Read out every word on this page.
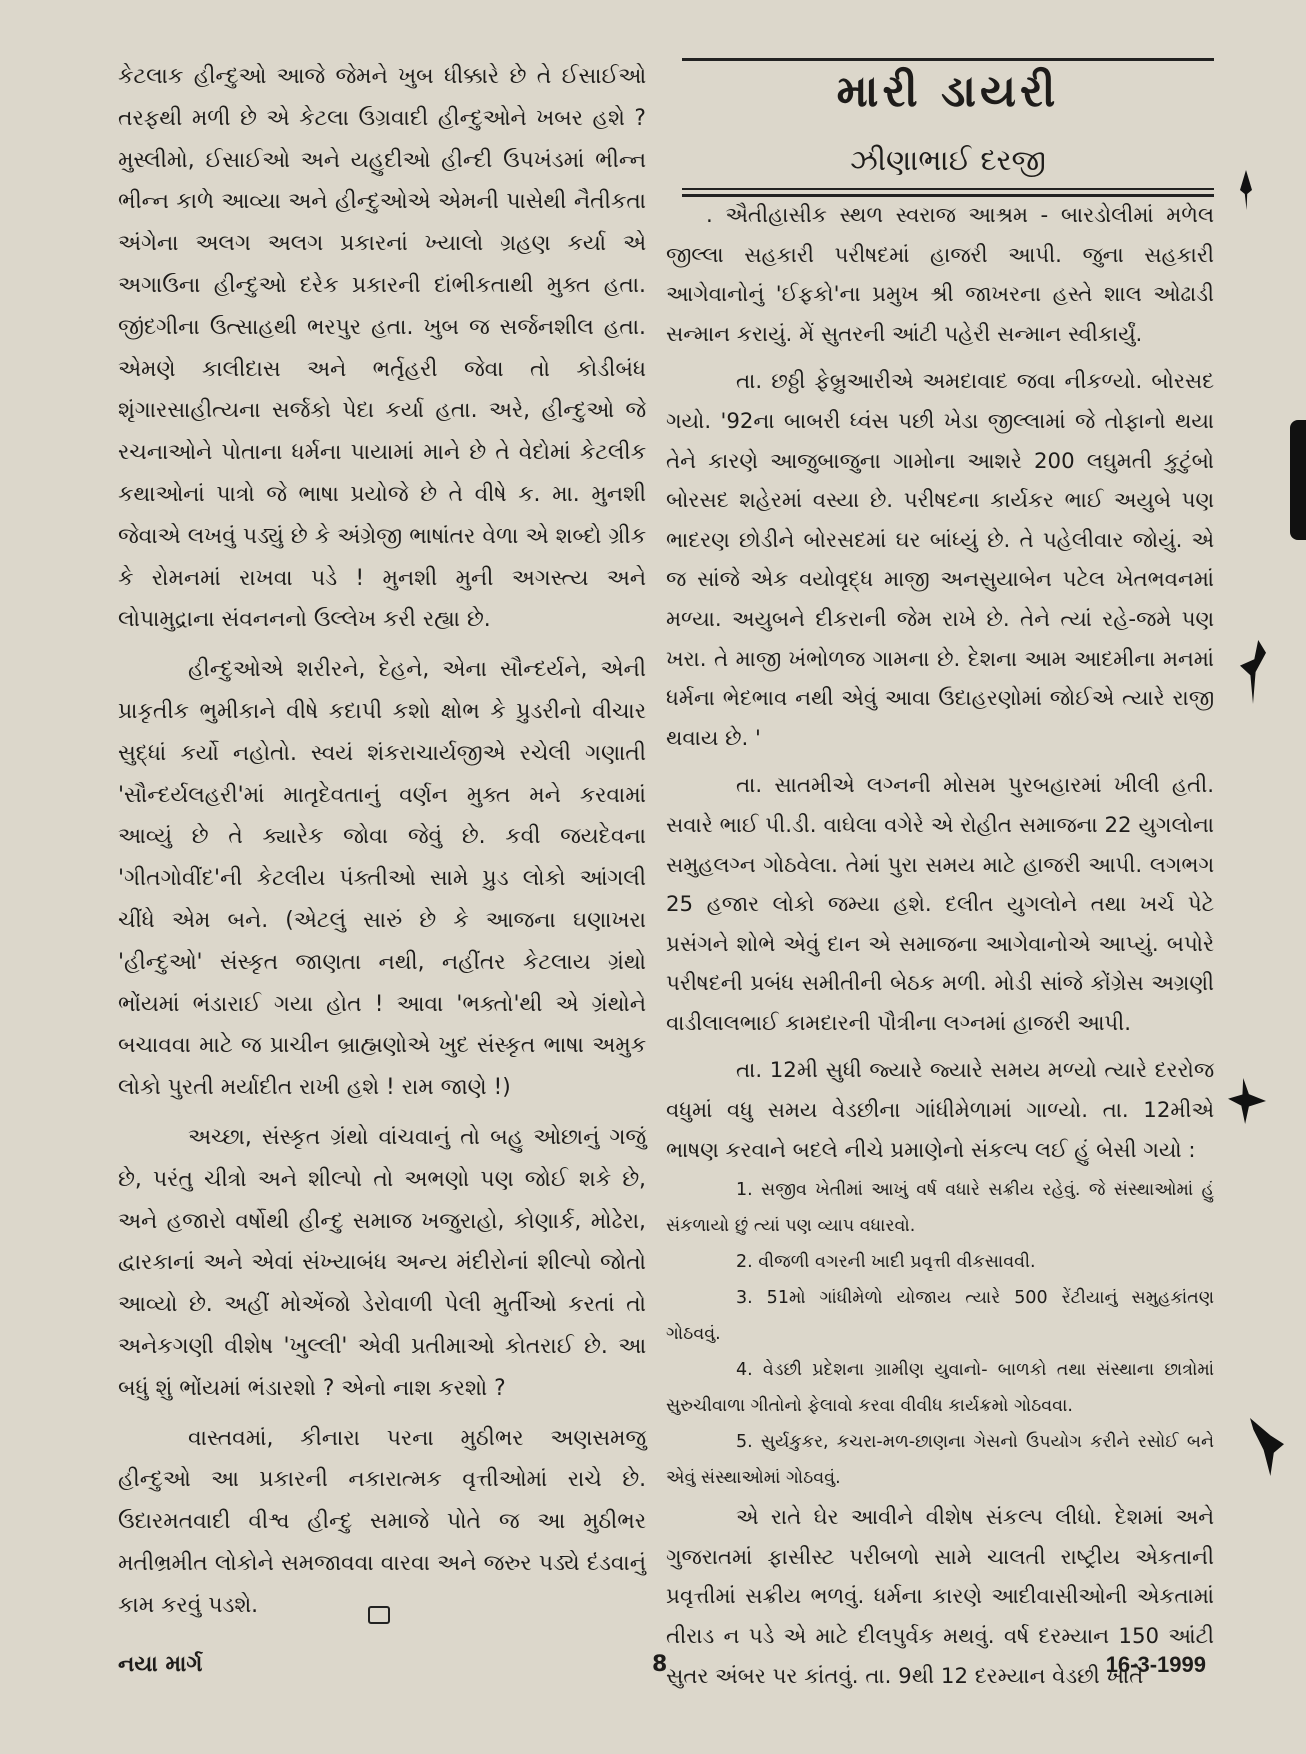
કેટલાક હીન્દુઓ આજે જેમને ખુબ ધીક્કારે છે તે ઈસાઈઓ તરફથી મળી છે એ કેટલા ઉગ્રવાદી હીન્દુઓને ખબર હશે ? મુસ્લીમો, ઈસાઈઓ અને યહુદીઓ હીન્દી ઉપખંડમાં ભીન્ન ભીન્ન કાળે આવ્યા અને હીન્દુઓએ એમની પાસેથી નૈતીકતા અંગેના અલગ અલગ પ્રકારનાં ખ્યાલો ગ્રહણ કર્યા એ અગાઉના હીન્દુઓ દરેક પ્રકારની દાંભીકતાથી મુક્ત હતા. જીંદગીના ઉત્સાહથી ભરપુર હતા. ખુબ જ સર્જનશીલ હતા. એમણે કાલીદાસ અને ભર્તૃહરી જેવા તો કોડીબંધ શૃંગારસાહીત્યના સર્જકો પેદા કર્યા હતા. અરે, હીન્દુઓ જે રચનાઓને પોતાના ધર્મના પાયામાં માને છે તે વેદોમાં કેટલીક કથાઓનાં પાત્રો જે ભાષા પ્રયોજે છે તે વીષે ક. મા. મુનશી જેવાએ લખવું પડ્યું છે કે અંગ્રેજી ભાષાંતર વેળા એ શબ્દો ગ્રીક કે રોમનમાં રાખવા પડે ! મુનશી મુની અગસ્ત્ય અને લોપામુદ્રાના સંવનનનો ઉલ્લેખ કરી રહ્યા છે.

હીન્દુઓએ શરીરને, દેહને, એના સૌન્દર્યને, એની પ્રાકૃતીક ભુમીકાને વીષે કદાપી કશો ક્ષોભ કે પ્રુડરીનો વીચાર સુદ્ધાં કર્યો નહોતો. સ્વયં શંકરાચાર્યજીએ રચેલી ગણાતી 'સૌન્દર્યલહરી'માં માતૃદેવતાનું વર્ણન મુક્ત મને કરવામાં આવ્યું છે તે ક્યારેક જોવા જેવું છે. કવી જયદેવના 'ગીતગોવીંદ'ની કેટલીય પંક્તીઓ સામે પ્રુડ લોકો આંગલી ચીંધે એમ બને. (એટલું સારું છે કે આજના ઘણાખરા 'હીન્દુઓ' સંસ્કૃત જાણતા નથી, નહીંતર કેટલાય ગ્રંથો ભોંયમાં ભંડારાઈ ગયા હોત ! આવા 'ભક્તો'થી એ ગ્રંથોને બચાવવા માટે જ પ્રાચીન બ્રાહ્મણોએ ખુદ સંસ્કૃત ભાષા અમુક લોકો પુરતી મર્યાદીત રાખી હશે ! રામ જાણે !)

અચ્છા, સંસ્કૃત ગ્રંથો વાંચવાનું તો બહુ ઓછાનું ગજું છે, પરંતુ ચીત્રો અને શીલ્પો તો અભણો પણ જોઈ શકે છે, અને હજારો વર્ષોથી હીન્દુ સમાજ ખજુરાહો, કોણાર્ક, મોઢેરા, દ્વારકાનાં અને એવાં સંખ્યાબંધ અન્ય મંદીરોનાં શીલ્પો જોતો આવ્યો છે. અહીં મોએંજો ડેરોવાળી પેલી મુર્તીઓ કરતાં તો અનેકગણી વીશેષ 'ખુલ્લી' એવી પ્રતીમાઓ કોતરાઈ છે. આ બધું શું ભોંયમાં ભંડારશો ? એનો નાશ કરશો ?

વાસ્તવમાં, કીનારા પરના મુઠીભર અણસમજુ હીન્દુઓ આ પ્રકારની નકારાત્મક વૃત્તીઓમાં રાચે છે. ઉદારમતવાદી વીશ્વ હીન્દુ સમાજે પોતે જ આ મુઠીભર મતીભ્રમીત લોકોને સમજાવવા વારવા અને જરુર પડ્યે દંડવાનું કામ કરવું પડશે.

મારી ડાયરી
ઝીણાભાઈ દરજી

. ઐતીહાસીક સ્થળ સ્વરાજ આશ્રમ - બારડોલીમાં મળેલ જીલ્લા સહકારી પરીષદમાં હાજરી આપી. જુના સહકારી આગેવાનોનું 'ઈફકો'ના પ્રમુખ શ્રી જાખરના હસ્તે શાલ ઓઢાડી સન્માન કરાયું. મેં સુતરની આંટી પહેરી સન્માન સ્વીકાર્યું.

તા. છઠ્ઠી ફેબ્રુઆરીએ અમદાવાદ જવા નીકળ્યો. બોરસદ ગયો. '92ના બાબરી ધ્વંસ પછી ખેડા જીલ્લામાં જે તોફાનો થયા તેને કારણે આજુબાજુના ગામોના આશરે 200 લઘુમતી કુટુંબો બોરસદ શહેરમાં વસ્યા છે. પરીષદના કાર્યકર ભાઈ અયુબે પણ ભાદરણ છોડીને બોરસદમાં ઘર બાંધ્યું છે. તે પહેલીવાર જોયું. એ જ સાંજે એક વયોવૃદ્ધ માજી અનસુયાબેન પટેલ ખેતભવનમાં મળ્યા. અયુબને દીકરાની જેમ રાખે છે. તેને ત્યાં રહે-જમે પણ ખરા. તે માજી ખંભોળજ ગામના છે. દેશના આમ આદમીના મનમાં ધર્મના ભેદભાવ નથી એવું આવા ઉદાહરણોમાં જોઈએ ત્યારે રાજી થવાય છે. '

તા. સાતમીએ લગ્નની મોસમ પુરબહારમાં ખીલી હતી. સવારે ભાઈ પી.ડી. વાઘેલા વગેરે એ રોહીત સમાજના 22 યુગલોના સમુહલગ્ન ગોઠવેલા. તેમાં પુરા સમય માટે હાજરી આપી. લગભગ 25 હજાર લોકો જમ્યા હશે. દલીત યુગલોને તથા ખર્ચ પેટે પ્રસંગને શોભે એવું દાન એ સમાજના આગેવાનોએ આપ્યું. બપોરે પરીષદની પ્રબંધ સમીતીની બેઠક મળી. મોડી સાંજે કોંગ્રેસ અગ્રણી વાડીલાલભાઈ કામદારની પૌત્રીના લગ્નમાં હાજરી આપી.

તા. 12મી સુધી જ્યારે જ્યારે સમય મળ્યો ત્યારે દરરોજ વધુમાં વધુ સમય વેડછીના ગાંધીમેળામાં ગાળ્યો. તા. 12મીએ ભાષણ કરવાને બદલે નીચે પ્રમાણેનો સંકલ્પ લઈ હું બેસી ગયો :

1. સજીવ ખેતીમાં આખું વર્ષ વધારે સક્રીય રહેવું. જે સંસ્થાઓમાં હું સંકળાયો છું ત્યાં પણ વ્યાપ વધારવો.
2. વીજળી વગરની ખાદી પ્રવૃત્તી વીકસાવવી.
3. 51મો ગાંધીમેળો યોજાય ત્યારે 500 રેંટીયાનું સમુહકાંતણ ગોઠવવું.
4. વેડછી પ્રદેશના ગ્રામીણ યુવાનો- બાળકો તથા સંસ્થાના છાત્રોમાં સુરુચીવાળા ગીતોનો ફેલાવો કરવા વીવીધ કાર્યક્રમો ગોઠવવા.
5. સુર્યકુકર, કચરા-મળ-છાણના ગેસનો ઉપયોગ કરીને રસોઈ બને એવું સંસ્થાઓમાં ગોઠવવું.

એ રાતે ઘેર આવીને વીશેષ સંકલ્પ લીધો. દેશમાં અને ગુજરાતમાં ફાસીસ્ટ પરીબળો સામે ચાલતી રાષ્ટ્રીય એકતાની પ્રવૃત્તીમાં સક્રીય ભળવું. ધર્મના કારણે આદીવાસીઓની એકતામાં તીરાડ ન પડે એ માટે દીલપુર્વક મથવું. વર્ષ દરમ્યાન 150 આંટી સુતર અંબર પર કાંતવું. તા. 9થી 12 દરમ્યાન વેડછી ખાતે

નયા માર્ગ	8	16-3-1999
